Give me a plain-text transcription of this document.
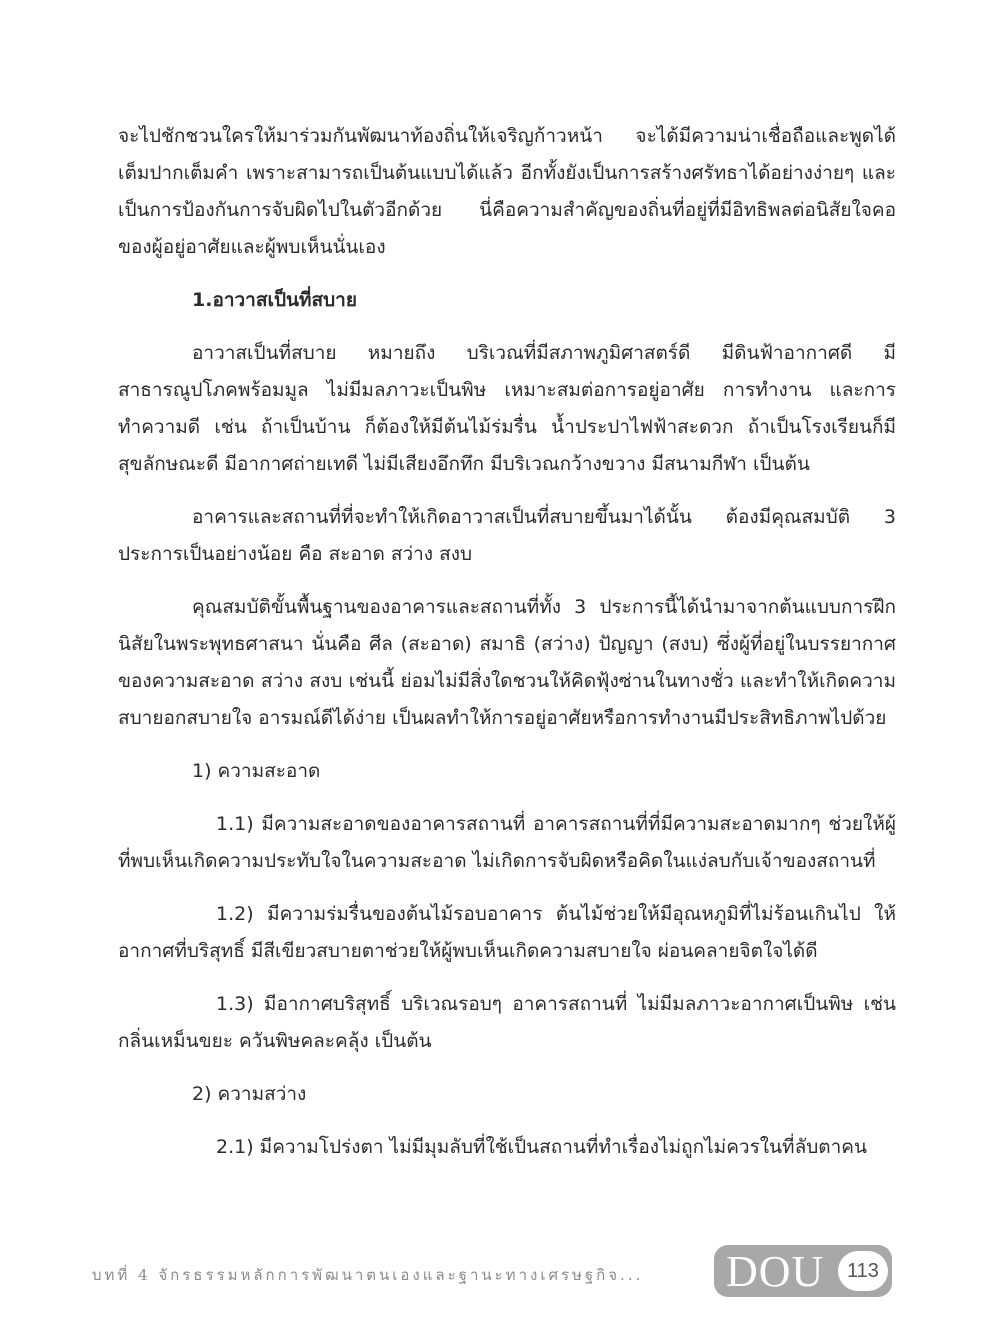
จะไปชักชวนใครให้มาร่วมกันพัฒนาท้องถิ่นให้เจริญก้าวหน้า จะได้มีความน่าเชื่อถือและพูดได้เต็มปากเต็มคำ เพราะสามารถเป็นต้นแบบได้แล้ว อีกทั้งยังเป็นการสร้างศรัทธาได้อย่างง่ายๆ และเป็นการป้องกันการจับผิดไปในตัวอีกด้วย นี่คือความสำคัญของถิ่นที่อยู่ที่มีอิทธิพลต่อนิสัยใจคอของผู้อยู่อาศัยและผู้พบเห็นนั่นเอง

1.อาวาสเป็นที่สบาย

อาวาสเป็นที่สบาย หมายถึง บริเวณที่มีสภาพภูมิศาสตร์ดี มีดินฟ้าอากาศดี มีสาธารณูปโภคพร้อมมูล ไม่มีมลภาวะเป็นพิษ เหมาะสมต่อการอยู่อาศัย การทำงาน และการทำความดี เช่น ถ้าเป็นบ้าน ก็ต้องให้มีต้นไม้ร่มรื่น น้ำประปาไฟฟ้าสะดวก ถ้าเป็นโรงเรียนก็มีสุขลักษณะดี มีอากาศถ่ายเทดี ไม่มีเสียงอึกทึก มีบริเวณกว้างขวาง มีสนามกีฬา เป็นต้น

อาคารและสถานที่ที่จะทำให้เกิดอาวาสเป็นที่สบายขึ้นมาได้นั้น ต้องมีคุณสมบัติ 3 ประการเป็นอย่างน้อย คือ สะอาด สว่าง สงบ

คุณสมบัติขั้นพื้นฐานของอาคารและสถานที่ทั้ง 3 ประการนี้ได้นำมาจากต้นแบบการฝึกนิสัยในพระพุทธศาสนา นั่นคือ ศีล (สะอาด) สมาธิ (สว่าง) ปัญญา (สงบ) ซึ่งผู้ที่อยู่ในบรรยากาศของความสะอาด สว่าง สงบ เช่นนี้ ย่อมไม่มีสิ่งใดชวนให้คิดฟุ้งซ่านในทางชั่ว และทำให้เกิดความสบายอกสบายใจ อารมณ์ดีได้ง่าย เป็นผลทำให้การอยู่อาศัยหรือการทำงานมีประสิทธิภาพไปด้วย

1) ความสะอาด

1.1) มีความสะอาดของอาคารสถานที่ อาคารสถานที่ที่มีความสะอาดมากๆ ช่วยให้ผู้ที่พบเห็นเกิดความประทับใจในความสะอาด ไม่เกิดการจับผิดหรือคิดในแง่ลบกับเจ้าของสถานที่

1.2) มีความร่มรื่นของต้นไม้รอบอาคาร ต้นไม้ช่วยให้มีอุณหภูมิที่ไม่ร้อนเกินไป ให้อากาศที่บริสุทธิ์ มีสีเขียวสบายตาช่วยให้ผู้พบเห็นเกิดความสบายใจ ผ่อนคลายจิตใจได้ดี

1.3) มีอากาศบริสุทธิ์ บริเวณรอบๆ อาคารสถานที่ ไม่มีมลภาวะอากาศเป็นพิษ เช่น กลิ่นเหม็นขยะ ควันพิษคละคลุ้ง เป็นต้น

2) ความสว่าง

2.1) มีความโปร่งตา ไม่มีมุมลับที่ใช้เป็นสถานที่ทำเรื่องไม่ถูกไม่ควรในที่ลับตาคน

บทที่ 4 จักรธรรมหลักการพัฒนาตนเองและฐานะทางเศรษฐกิจ... DOU	113
